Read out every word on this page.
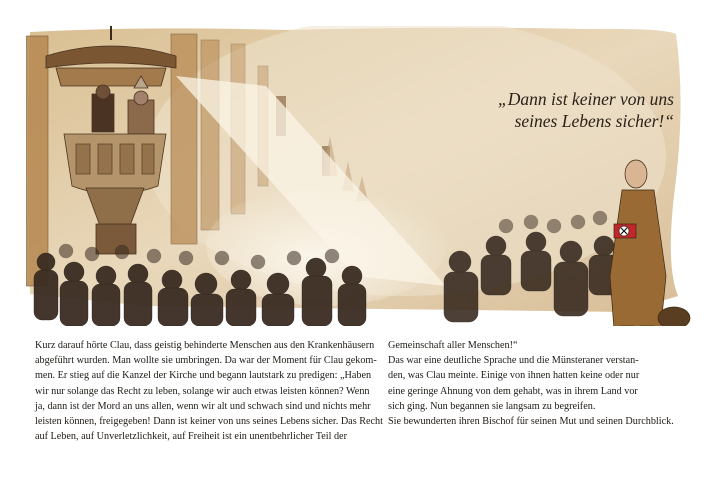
„Dann ist keiner von uns
seines Lebens sicher!“

Kurz darauf hörte Clau, dass geistig behinderte Menschen aus den Krankenhäusern
abgeführt wurden. Man wollte sie umbringen. Da war der Moment für Clau gekom-
men. Er stieg auf die Kanzel der Kirche und begann lautstark zu predigen: „Haben
wir nur solange das Recht zu leben, solange wir auch etwas leisten können? Wenn
ja, dann ist der Mord an uns allen, wenn wir alt und schwach sind und nichts mehr
leisten können, freigegeben! Dann ist keiner von uns seines Lebens sicher. Das Recht
auf Leben, auf Unverletzlichkeit, auf Freiheit ist ein unentbehrlicher Teil der

Gemeinschaft aller Menschen!“
Das war eine deutliche Sprache und die Münsteraner verstan-
den, was Clau meinte. Einige von ihnen hatten keine oder nur
eine geringe Ahnung von dem gehabt, was in ihrem Land vor
sich ging. Nun begannen sie langsam zu begreifen.
Sie bewunderten ihren Bischof für seinen Mut und seinen Durchblick.
